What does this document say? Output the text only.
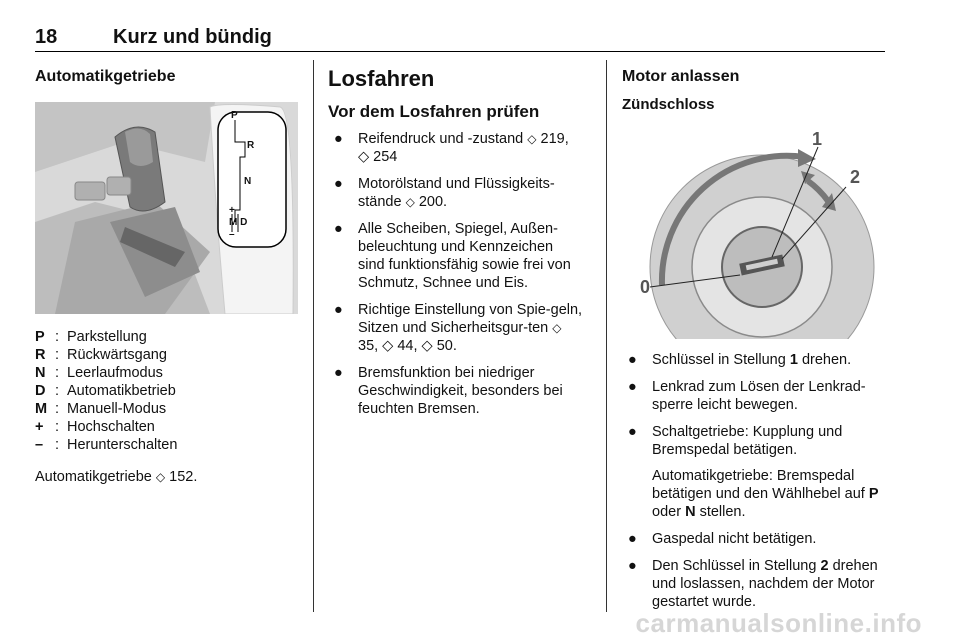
18	Kurz und bündig
Automatikgetriebe
P
R
N
+
M D
–
P : Parkstellung
R : Rückwärtsgang
N : Leerlaufmodus
D : Automatikbetrieb
M : Manuell-Modus
+ : Hochschalten
– : Herunterschalten
Automatikgetriebe ◇ 152.
Losfahren
Vor dem Losfahren prüfen
● Reifendruck und -zustand ◇ 219, ◇ 254
● Motorölstand und Flüssigkeits-stände ◇ 200.
● Alle Scheiben, Spiegel, Außen-beleuchtung und Kennzeichen sind funktionsfähig sowie frei von Schmutz, Schnee und Eis.
● Richtige Einstellung von Spie-geln, Sitzen und Sicherheitsgur-ten ◇ 35, ◇ 44, ◇ 50.
● Bremsfunktion bei niedriger Geschwindigkeit, besonders bei feuchten Bremsen.
Motor anlassen
Zündschloss
0
1
2
● Schlüssel in Stellung 1 drehen.
● Lenkrad zum Lösen der Lenkrad-sperre leicht bewegen.
● Schaltgetriebe: Kupplung und Bremspedal betätigen.
Automatikgetriebe: Bremspedal betätigen und den Wählhebel auf P oder N stellen.
● Gaspedal nicht betätigen.
● Den Schlüssel in Stellung 2 drehen und loslassen, nachdem der Motor gestartet wurde.
carmanualsonline.info
